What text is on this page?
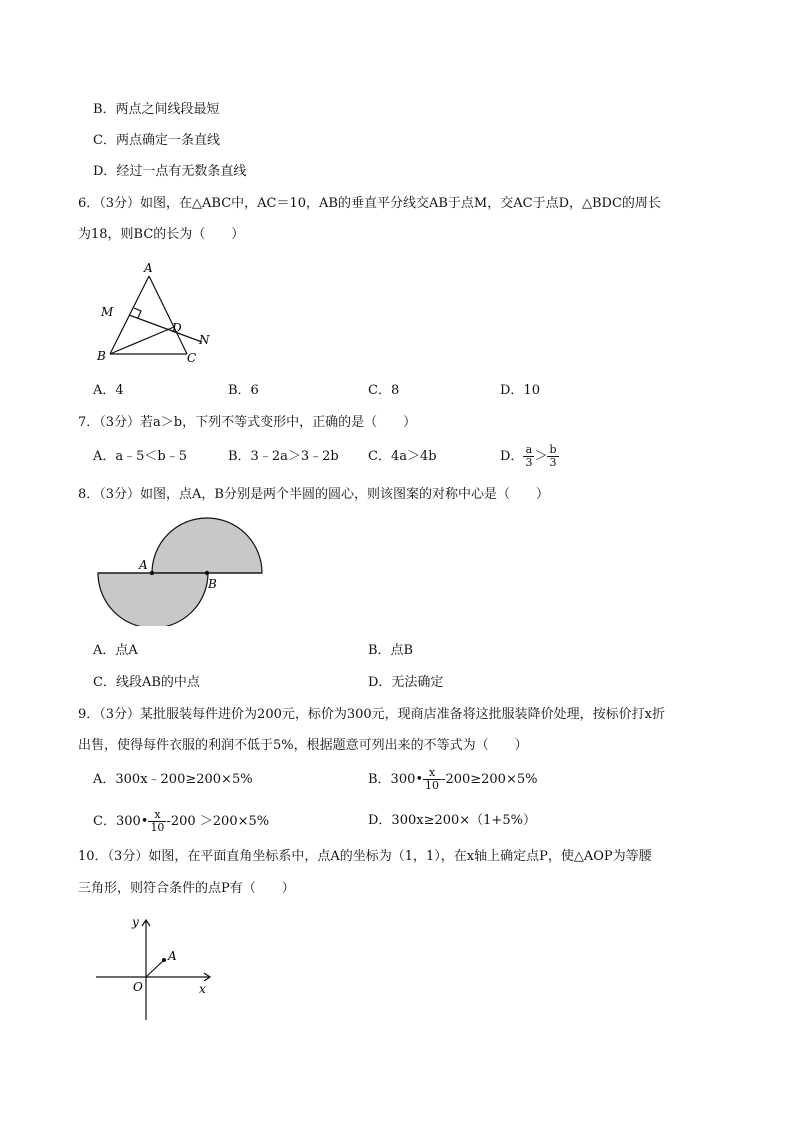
B．两点之间线段最短
C．两点确定一条直线
D．经过一点有无数条直线
6．（3分）如图，在△ABC中，AC＝10，AB的垂直平分线交AB于点M，交AC于点D，△BDC的周长
为18，则BC的长为（　　）
A
M
D
N
B	C
A．4	B．6	C．8	D．10
7．（3分）若a＞b，下列不等式变形中，正确的是（　　）
A．a﹣5＜b﹣5	B．3﹣2a＞3﹣2b C．4a＞4b	D． $\frac{a}{3} > \frac{b}{3}$
8．（3分）如图，点A，B分别是两个半圆的圆心，则该图案的对称中心是（　　）
A
B
A．点A	B．点B
C．线段AB的中点	D．无法确定
9．（3分）某批服装每件进价为200元，标价为300元，现商店准备将这批服装降价处理，按标价打x折
出售，使得每件衣服的利润不低于5%，根据题意可列出来的不等式为（　　）
A．300x﹣200≥200×5%	B．300• $\frac{x}{10} -200\ge 200\times 5\%$
C．300• $\frac{x}{10} -200 >200\times 5\%$	D．300x≥200×（1+5%）
10．（3分）如图，在平面直角坐标系中，点A的坐标为（1，1），在x轴上确定点P，使△AOP为等腰
三角形，则符合条件的点P有（　　）
y
A
O	x
